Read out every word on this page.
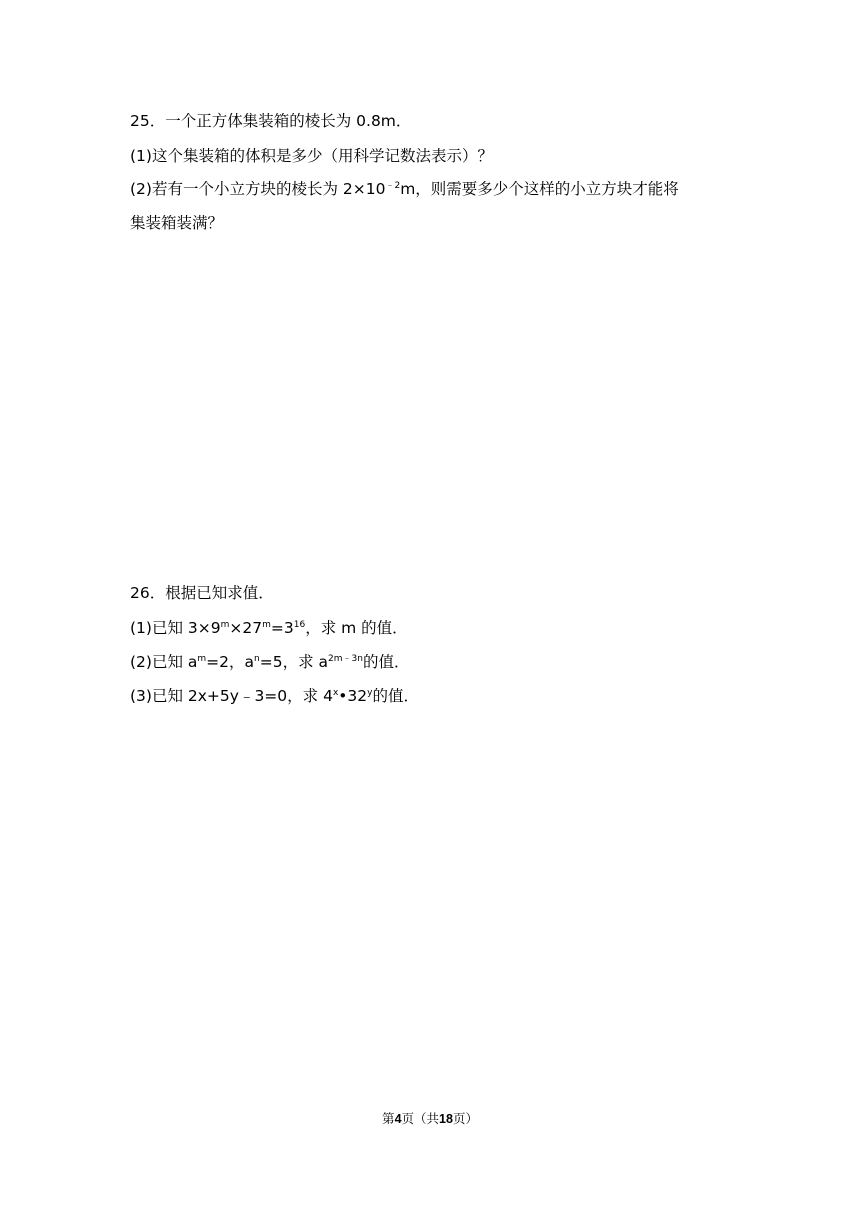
25．一个正方体集装箱的棱长为 0.8m．
(1)这个集装箱的体积是多少（用科学记数法表示）？
(2)若有一个小立方块的棱长为 $2\times 10^{﹣2}m$，则需要多少个这样的小立方块才能将
集装箱装满？
26．根据已知求值．
(1)已知 $3\times 9^m\times 27^m=3^{16}$，求 m 的值．
(2)已知 $a^m=2$，$a^n=5$，求 $a^{2m﹣3n}$的值．
(3)已知 2x+5y﹣3=0，求 4$^x$•32$^y$的值．
第4页（共18页）
